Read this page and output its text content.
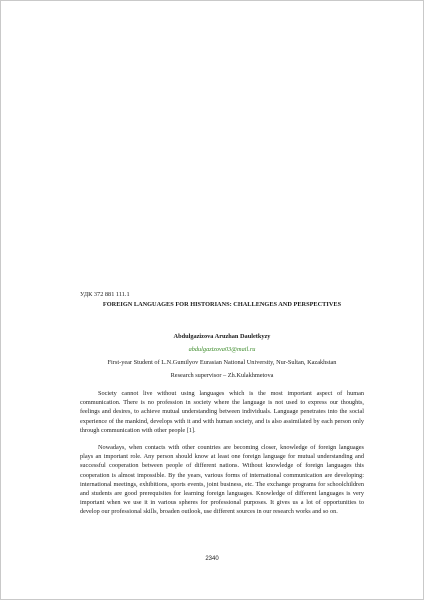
УДК 372 881 111.1

FOREIGN LANGUAGES FOR HISTORIANS: CHALLENGES AND PERSPECTIVES

Abdulgazizova Aruzhan Dauletkyzy

abdulgazizova03@mail.ru

First-year Student of L.N.Gumilyov Eurasian National University, Nur-Sultan, Kazakhstan

Research supervisor – Zh.Kulakhmetova

Society cannot live without using languages which is the most important aspect of human communication. There is no profession in society where the language is not used to express our thoughts, feelings and desires, to achieve mutual understanding between individuals. Language penetrates into the social experience of the mankind, develops with it and with human society, and is also assimilated by each person only through communication with other people [1].

Nowadays, when contacts with other countries are becoming closer, knowledge of foreign languages plays an important role. Any person should know at least one foreign language for mutual understanding and successful cooperation between people of different nations. Without knowledge of foreign languages this cooperation is almost impossible. By the years, various forms of international communication are developing: international meetings, exhibitions, sports events, joint business, etc. The exchange programs for schoolchildren and students are good prerequisites for learning foreign languages. Knowledge of different languages is very important when we use it in various spheres for professional purposes. It gives us a lot of opportunities to develop our professional skills, broaden outlook, use different sources in our research works and so on.

2340
